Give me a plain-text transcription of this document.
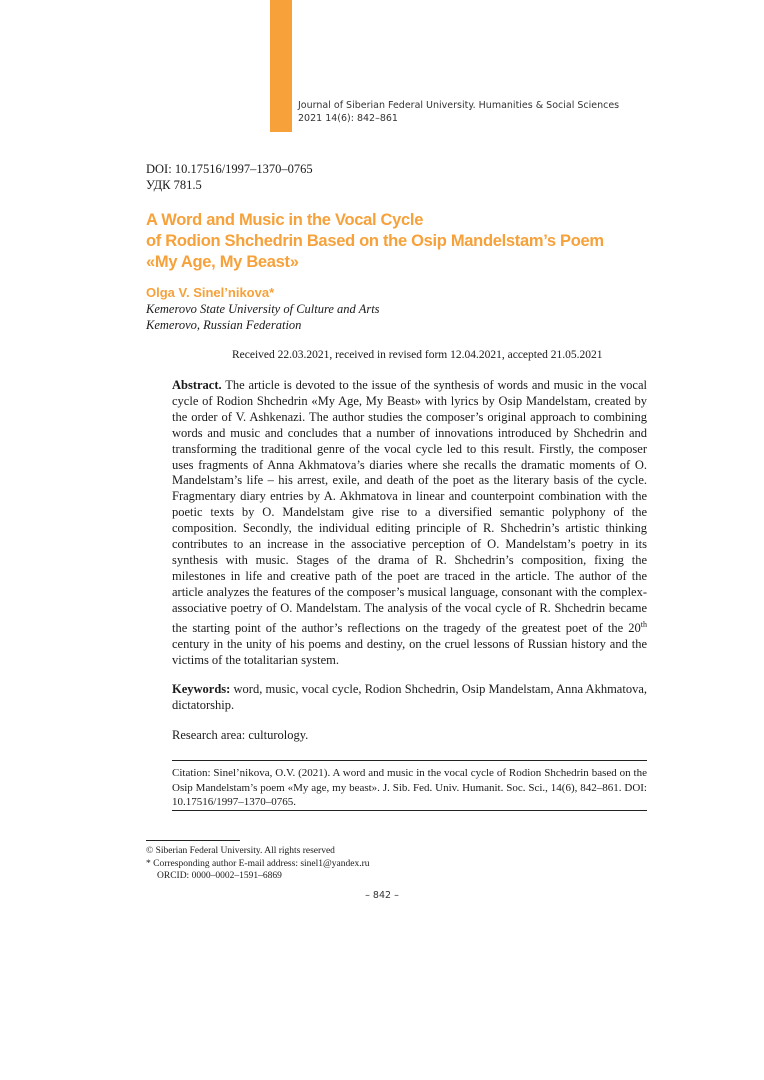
Journal of Siberian Federal University. Humanities & Social Sciences
2021 14(6): 842–861
DOI: 10.17516/1997–1370–0765
УДК 781.5
A Word and Music in the Vocal Cycle
of Rodion Shchedrin Based on the Osip Mandelstam’s Poem
«My Age, My Beast»
Olga V. Sinel’nikova*
Kemerovo State University of Culture and Arts
Kemerovo, Russian Federation
Received 22.03.2021, received in revised form 12.04.2021, accepted 21.05.2021

Abstract. The article is devoted to the issue of the synthesis of words and music in the vocal cycle of Rodion Shchedrin «My Age, My Beast» with lyrics by Osip Mandelstam, created by the order of V. Ashkenazi. The author studies the composer’s original approach to combining words and music and concludes that a number of innovations introduced by Shchedrin and transforming the traditional genre of the vocal cycle led to this result. Firstly, the composer uses fragments of Anna Akhmatova’s diaries where she recalls the dramatic moments of O. Mandelstam’s life – his arrest, exile, and death of the poet as the literary basis of the cycle. Fragmentary diary entries by A. Akhmatova in linear and counterpoint combination with the poetic texts by O. Mandelstam give rise to a diversified semantic polyphony of the composition. Secondly, the individual editing principle of R. Shchedrin’s artistic thinking contributes to an increase in the associative perception of O. Mandelstam’s poetry in its synthesis with music. Stages of the drama of R. Shchedrin’s composition, fixing the milestones in life and creative path of the poet are traced in the article. The author of the article analyzes the features of the composer’s musical language, consonant with the complex-associative poetry of O. Mandelstam. The analysis of the vocal cycle of R. Shchedrin became the starting point of the author’s reflections on the tragedy of the greatest poet of the 20th century in the unity of his poems and destiny, on the cruel lessons of Russian history and the victims of the totalitarian system.

Keywords: word, music, vocal cycle, Rodion Shchedrin, Osip Mandelstam, Anna Akhmatova, dictatorship.

Research area: culturology.

Citation: Sinel’nikova, O.V. (2021). A word and music in the vocal cycle of Rodion Shchedrin based on the Osip Mandelstam’s poem «My age, my beast». J. Sib. Fed. Univ. Humanit. Soc. Sci., 14(6), 842–861. DOI: 10.17516/1997–1370–0765.
© Siberian Federal University. All rights reserved
* Corresponding author E-mail address: sinel1@yandex.ru
ORCID: 0000–0002–1591–6869
– 842 –
